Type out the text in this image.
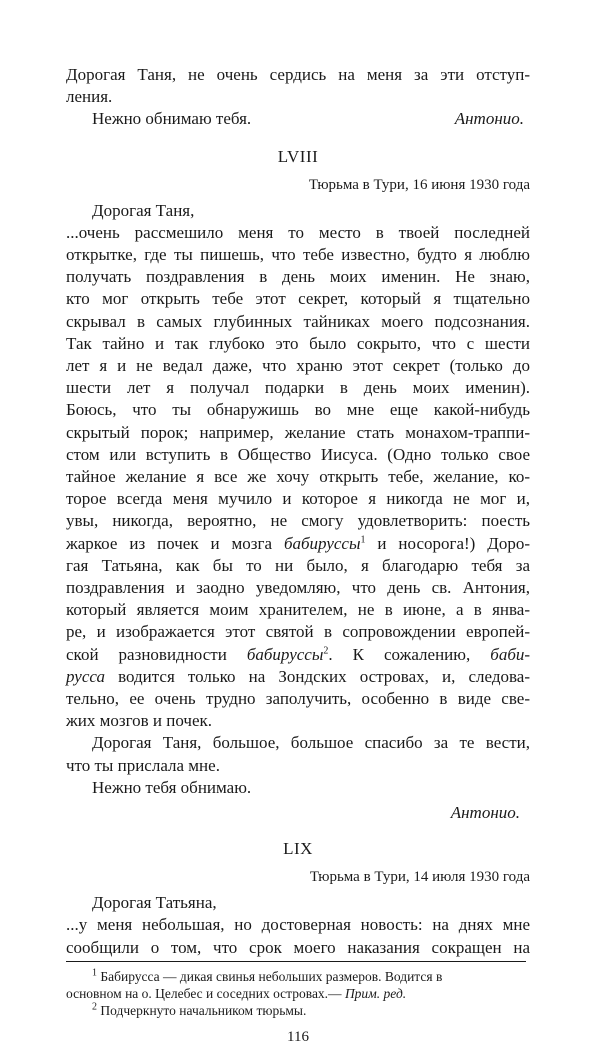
Дорогая Таня, не очень сердись на меня за эти отступ-
ления.
Нежно обнимаю тебя.	Антонио.
LVIII
Тюрьма в Тури, 16 июня 1930 года
Дорогая Таня,
...очень рассмешило меня то место в твоей последней
открытке, где ты пишешь, что тебе известно, будто я люблю
получать поздравления в день моих именин. Не знаю,
кто мог открыть тебе этот секрет, который я тщательно
скрывал в самых глубинных тайниках моего подсознания.
Так тайно и так глубоко это было сокрыто, что с шести
лет я и не ведал даже, что храню этот секрет (только до
шести лет я получал подарки в день моих именин).
Боюсь, что ты обнаружишь во мне еще какой-нибудь
скрытый порок; например, желание стать монахом-траппи-
стом или вступить в Общество Иисуса. (Одно только свое
тайное желание я все же хочу открыть тебе, желание, ко-
торое всегда меня мучило и которое я никогда не мог и,
увы, никогда, вероятно, не смогу удовлетворить: поесть
жаркое из почек и мозга бабируссы$^1$ и носорога!) Доро-
гая Татьяна, как бы то ни было, я благодарю тебя за
поздравления и заодно уведомляю, что день св. Антония,
который является моим хранителем, не в июне, а в янва-
ре, и изображается этот святой в сопровождении европей-
ской разновидности бабируссы$^2$. К сожалению, баби-
русса водится только на Зондских островах, и, следова-
тельно, ее очень трудно заполучить, особенно в виде све-
жих мозгов и почек.
Дорогая Таня, большое, большое спасибо за те вести,
что ты прислала мне.
Нежно тебя обнимаю.
Антонио.
LIX
Тюрьма в Тури, 14 июля 1930 года
Дорогая Татьяна,
...у меня небольшая, но достоверная новость: на днях мне
сообщили о том, что срок моего наказания сокращен на
$^1$ Бабирусса — дикая свинья небольших размеров. Водится в
основном на о. Целебес и соседних островах.— Прим. ред.
$^2$ Подчеркнуто начальником тюрьмы.
116
